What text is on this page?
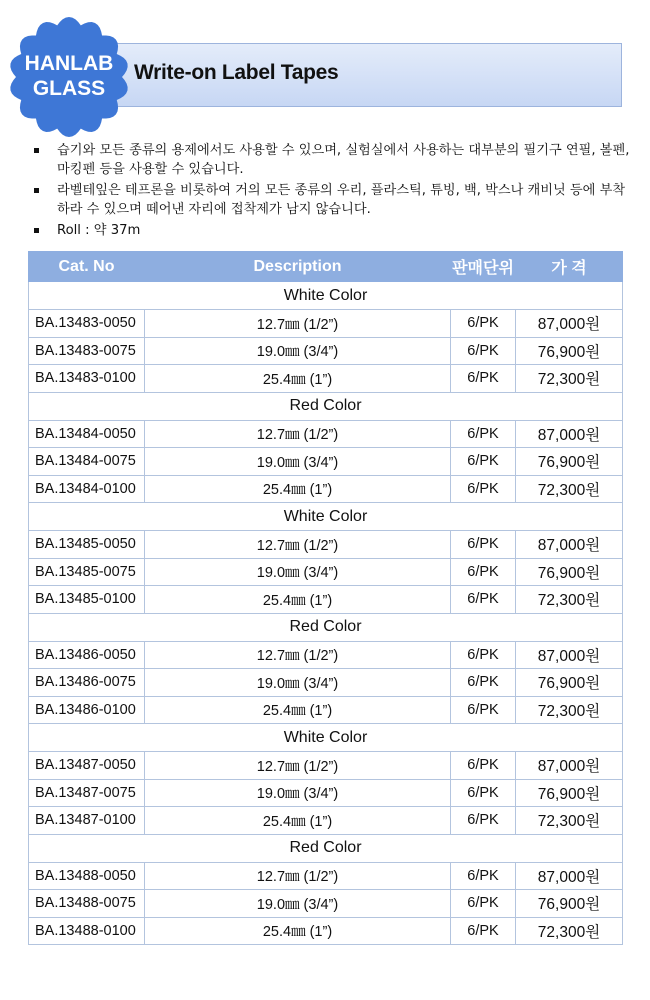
Write-on Label Tapes
HANLAB
GLASS
습기와 모든 종류의 용제에서도 사용할 수 있으며, 실험실에서 사용하는 대부분의 필기구 연필, 볼펜, 마킹펜 등을 사용할 수 있습니다.
라벨테잎은 테프론을 비롯하여 거의 모든 종류의 우리, 플라스틱, 튜빙, 백, 박스나 캐비닛 등에 부착하라 수 있으며 떼어낸 자리에 접착제가 남지 않습니다.
Roll : 약 37m
Cat. No	Description	판매단위	가 격
White Color			
BA.13483-0050	12.7㎜ (1/2”)	6/PK	87,000원
BA.13483-0075	19.0㎜ (3/4”)	6/PK	76,900원
BA.13483-0100	25.4㎜ (1”)	6/PK	72,300원
Red Color			
BA.13484-0050	12.7㎜ (1/2”)	6/PK	87,000원
BA.13484-0075	19.0㎜ (3/4”)	6/PK	76,900원
BA.13484-0100	25.4㎜ (1”)	6/PK	72,300원
White Color			
BA.13485-0050	12.7㎜ (1/2”)	6/PK	87,000원
BA.13485-0075	19.0㎜ (3/4”)	6/PK	76,900원
BA.13485-0100	25.4㎜ (1”)	6/PK	72,300원
Red Color			
BA.13486-0050	12.7㎜ (1/2”)	6/PK	87,000원
BA.13486-0075	19.0㎜ (3/4”)	6/PK	76,900원
BA.13486-0100	25.4㎜ (1”)	6/PK	72,300원
White Color			
BA.13487-0050	12.7㎜ (1/2”)	6/PK	87,000원
BA.13487-0075	19.0㎜ (3/4”)	6/PK	76,900원
BA.13487-0100	25.4㎜ (1”)	6/PK	72,300원
Red Color			
BA.13488-0050	12.7㎜ (1/2”)	6/PK	87,000원
BA.13488-0075	19.0㎜ (3/4”)	6/PK	76,900원
BA.13488-0100	25.4㎜ (1”)	6/PK	72,300원
